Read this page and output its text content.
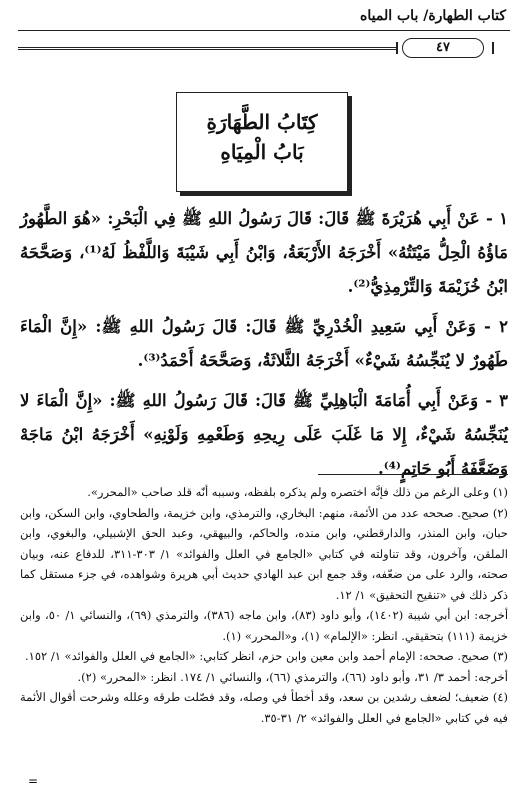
كتاب الطهارة/ باب المياه
٤٧
كِتَابُ الطَّهَارَةِ
بَابُ الْمِيَاهِ

١ - عَنْ أَبِي هُرَيْرَةَ ﷺ قَالَ: قَالَ رَسُولُ اللهِ ﷺ فِي الْبَحْرِ: «هُوَ الطَّهُورُ مَاؤُهُ الْحِلُّ مَيْتَتُهُ» أَخْرَجَهُ الأَرْبَعَةُ، وَابْنُ أَبِي شَيْبَةَ وَاللَّفْظُ لَهُ⁽¹⁾، وَصَحَّحَهُ ابْنُ خُزَيْمَةَ وَالتِّرْمِذِيُّ⁽²⁾.

٢ - وَعَنْ أَبِي سَعِيدِ الْخُدْرِيِّ ﷺ قَالَ: قَالَ رَسُولُ اللهِ ﷺ: «إِنَّ الْمَاءَ طَهُورٌ لا يُنَجِّسُهُ شَيْءٌ» أَخْرَجَهُ الثَّلاثَةُ، وَصَحَّحَهُ أَحْمَدُ⁽³⁾.

٣ - وَعَنْ أَبِي أُمَامَةَ الْبَاهِلِيِّ ﷺ قَالَ: قَالَ رَسُولُ اللهِ ﷺ: «إِنَّ الْمَاءَ لا يُنَجِّسُهُ شَيْءٌ، إِلا مَا غَلَبَ عَلَى رِيحِهِ وَطَعْمِهِ وَلَوْنِهِ» أَخْرَجَهُ ابْنُ مَاجَهْ وَضَعَّفَهُ أَبُو حَاتِمٍ⁽⁴⁾.

(١) وعلى الرغم من ذلك فإنَّه اختصره ولم يذكره بلفظه، وسببه أنّه قلد صاحب «المحرر».

(٢) صحيح. صححه عدد من الأئمة، منهم: البخاري، والترمذي، وابن خزيمة، والطحاوي، وابن السكن، وابن حبان، وابن المنذر، والدارقطني، وابن منده، والحاكم، والبيهقي، وعبد الحق الإشبيلي، والبغوي، وابن الملقن، وآخرون، وقد تناولته في كتابي «الجامع في العلل والفوائد» ١/ ٣٠٣-٣١١، للدفاع عنه، وبيان صحته، والرد على من ضعّفه، وقد جمع ابن عبد الهادي حديث أبي هريرة وشواهده، في جزء مستقل كما ذكر ذلك في «تنقيح التحقيق» ١/ ١٢.

أخرجه: ابن أبي شيبة (١٤٠٢)، وأبو داود (٨٣)، وابن ماجه (٣٨٦)، والترمذي (٦٩)، والنسائي ١/ ٥٠، وابن خزيمة (١١١) بتحقيقي. انظر: «الإلمام» (١)، و«المحرر» (١).

(٣) صحيح. صححه: الإمام أحمد وابن معين وابن حزم، انظر كتابي: «الجامع في العلل والفوائد» ١/ ١٥٢.

أخرجه: أحمد ٣/ ٣١، وأبو داود (٦٦)، والترمذي (٦٦)، والنسائي ١/ ١٧٤. انظر: «المحرر» (٢).

(٤) ضعيف؛ لضعف رشدين بن سعد، وقد أخطأ في وصله، وقد فصّلت طرقه وعلله وشرحت أقوال الأئمة فيه في كتابي «الجامع في العلل والفوائد» ٢/ ٣١-٣٥.

=
